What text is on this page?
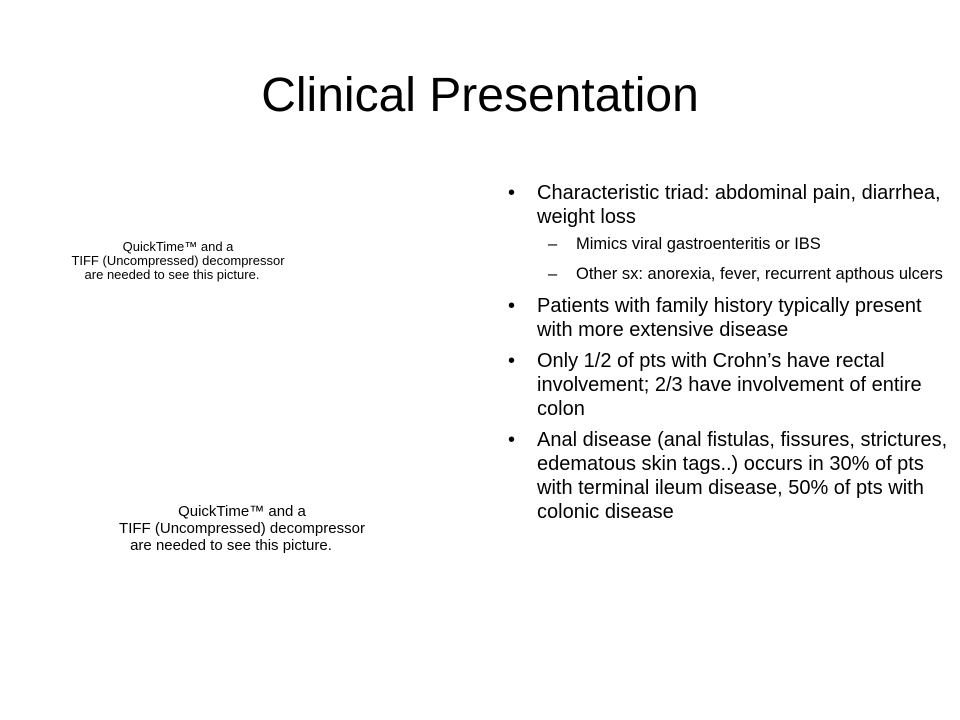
Clinical Presentation
QuickTime™ and a
TIFF (Uncompressed) decompressor
are needed to see this picture.
QuickTime™ and a
TIFF (Uncompressed) decompressor
are needed to see this picture.
• Characteristic triad: abdominal pain, diarrhea, weight loss
– Mimics viral gastroenteritis or IBS
– Other sx: anorexia, fever, recurrent apthous ulcers
• Patients with family history typically present with more extensive disease
• Only 1/2 of pts with Crohn’s have rectal involvement; 2/3 have involvement of entire colon
• Anal disease (anal fistulas, fissures, strictures, edematous skin tags..) occurs in 30% of pts with terminal ileum disease, 50% of pts with colonic disease
